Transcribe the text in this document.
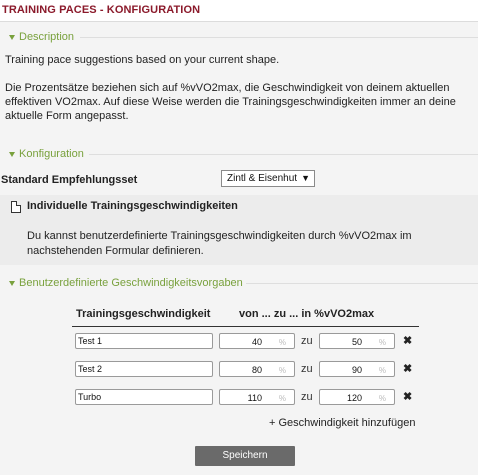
TRAINING PACES - KONFIGURATION
Description
Training pace suggestions based on your current shape.
Die Prozentsätze beziehen sich auf %vVO2max, die Geschwindigkeit von deinem aktuellen
effektiven VO2max. Auf diese Weise werden die Trainingsgeschwindigkeiten immer an deine
aktuelle Form angepasst.
Konfiguration
Standard Empfehlungsset	Zintl & Eisenhut ▼
Individuelle Trainingsgeschwindigkeiten
Du kannst benutzerdefinierte Trainingsgeschwindigkeiten durch %vVO2max im
nachstehenden Formular definieren.
Benutzerdefinierte Geschwindigkeitsvorgaben
Trainingsgeschwindigkeit	von ... zu ... in %vVO2max
Test 1	40 % zu	50 % ✖
Test 2	80 % zu	90 % ✖
Turbo	110 % zu	120 % ✖
+ Geschwindigkeit hinzufügen
Speichern
